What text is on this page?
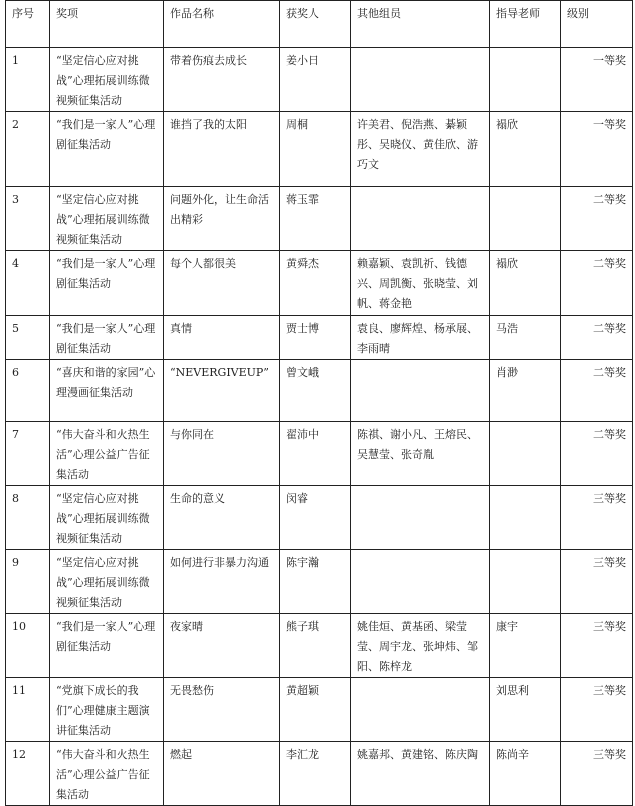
序号	奖项	作品名称	获奖人	其他组员	指导老师	级别
1	“坚定信心应对挑战”心理拓展训练微视频征集活动	带着伤痕去成长	姜小日			一等奖
2	“我们是一家人”心理剧征集活动	谁挡了我的太阳	周桐	许美君、倪浩燕、綦颖彤、吴晓仪、黄佳欣、游巧文	褟欣	一等奖
3	“坚定信心应对挑战”心理拓展训练微视频征集活动	问题外化，让生命活出精彩	蒋玉霏			二等奖
4	“我们是一家人”心理剧征集活动	每个人都很美	黄舜杰	赖嘉颖、袁凯祈、钱德兴、周凯衡、张晓莹、刘帆、蒋金艳	褟欣	二等奖
5	“我们是一家人”心理剧征集活动	真情	贾士博	袁良、廖辉煌、杨承展、李雨晴	马浩	二等奖
6	“喜庆和谐的家园”心理漫画征集活动	“NEVERGIVEUP”	曾文峨		肖渺	二等奖
7	“伟大奋斗和火热生活”心理公益广告征集活动	与你同在	翟沛中	陈祺、谢小凡、王熔民、吴慧莹、张奇胤		二等奖
8	“坚定信心应对挑战”心理拓展训练微视频征集活动	生命的意义	闵睿			三等奖
9	“坚定信心应对挑战”心理拓展训练微视频征集活动	如何进行非暴力沟通	陈宇瀚			三等奖
10	“我们是一家人”心理剧征集活动	夜家晴	熊子琪	姚佳烜、黄基函、梁莹莹、周宇龙、张坤炜、邹阳、陈梓龙	康宇	三等奖
11	“党旗下成长的我们”心理健康主题演讲征集活动	无畏愁伤	黄超颖		刘思利	三等奖
12	“伟大奋斗和火热生活”心理公益广告征集活动	燃起	李汇龙	姚嘉邦、黄建铭、陈庆陶	陈尚辛	三等奖
